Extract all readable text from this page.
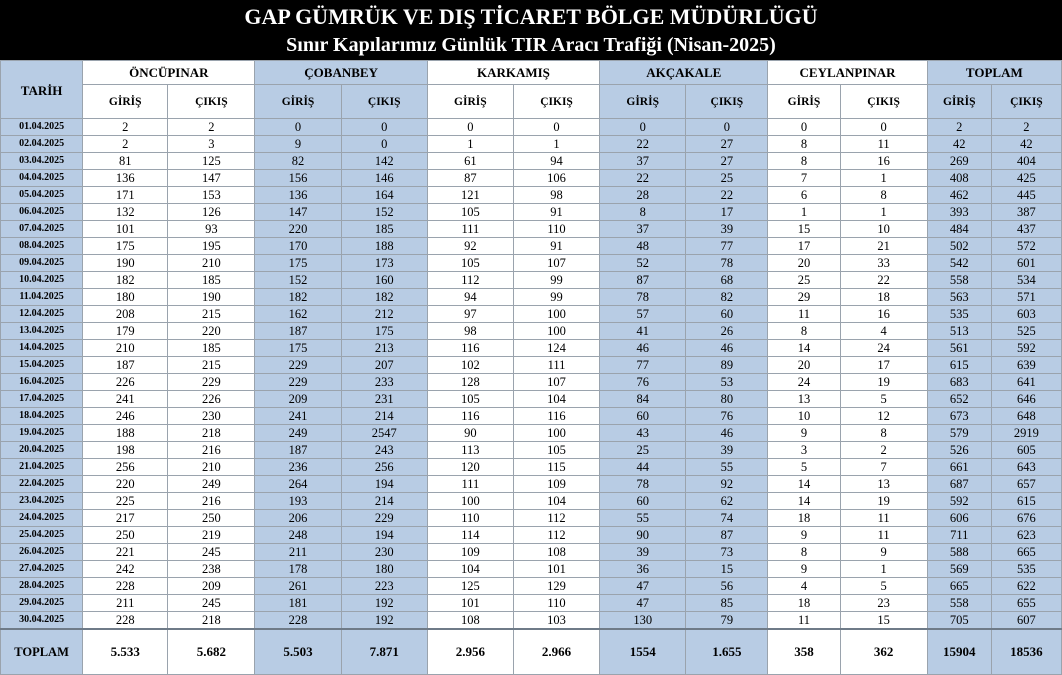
GAP GÜMRÜK VE DIŞ TİCARET BÖLGE MÜDÜRLÜGÜ
Sınır Kapılarımız Günlük TIR Aracı Trafiği (Nisan-2025)
TARİH	ÖNCÜPINAR		ÇOBANBEY		KARKAMIŞ		AKÇAKALE		CEYLANPINAR		TOPLAM	
	GİRİŞ	ÇIKIŞ	GİRİŞ	ÇIKIŞ	GİRİŞ	ÇIKIŞ	GİRİŞ	ÇIKIŞ	GİRİŞ	ÇIKIŞ	GİRİŞ	ÇIKIŞ
01.04.2025	2	2	0	0	0	0	0	0	0	0	2	2
02.04.2025	2	3	9	0	1	1	22	27	8	11	42	42
03.04.2025	81	125	82	142	61	94	37	27	8	16	269	404
04.04.2025	136	147	156	146	87	106	22	25	7	1	408	425
05.04.2025	171	153	136	164	121	98	28	22	6	8	462	445
06.04.2025	132	126	147	152	105	91	8	17	1	1	393	387
07.04.2025	101	93	220	185	111	110	37	39	15	10	484	437
08.04.2025	175	195	170	188	92	91	48	77	17	21	502	572
09.04.2025	190	210	175	173	105	107	52	78	20	33	542	601
10.04.2025	182	185	152	160	112	99	87	68	25	22	558	534
11.04.2025	180	190	182	182	94	99	78	82	29	18	563	571
12.04.2025	208	215	162	212	97	100	57	60	11	16	535	603
13.04.2025	179	220	187	175	98	100	41	26	8	4	513	525
14.04.2025	210	185	175	213	116	124	46	46	14	24	561	592
15.04.2025	187	215	229	207	102	111	77	89	20	17	615	639
16.04.2025	226	229	229	233	128	107	76	53	24	19	683	641
17.04.2025	241	226	209	231	105	104	84	80	13	5	652	646
18.04.2025	246	230	241	214	116	116	60	76	10	12	673	648
19.04.2025	188	218	249	2547	90	100	43	46	9	8	579	2919
20.04.2025	198	216	187	243	113	105	25	39	3	2	526	605
21.04.2025	256	210	236	256	120	115	44	55	5	7	661	643
22.04.2025	220	249	264	194	111	109	78	92	14	13	687	657
23.04.2025	225	216	193	214	100	104	60	62	14	19	592	615
24.04.2025	217	250	206	229	110	112	55	74	18	11	606	676
25.04.2025	250	219	248	194	114	112	90	87	9	11	711	623
26.04.2025	221	245	211	230	109	108	39	73	8	9	588	665
27.04.2025	242	238	178	180	104	101	36	15	9	1	569	535
28.04.2025	228	209	261	223	125	129	47	56	4	5	665	622
29.04.2025	211	245	181	192	101	110	47	85	18	23	558	655
30.04.2025	228	218	228	192	108	103	130	79	11	15	705	607
TOPLAM	5.533	5.682	5.503	7.871	2.956	2.966	1554	1.655	358	362	15904	18536
